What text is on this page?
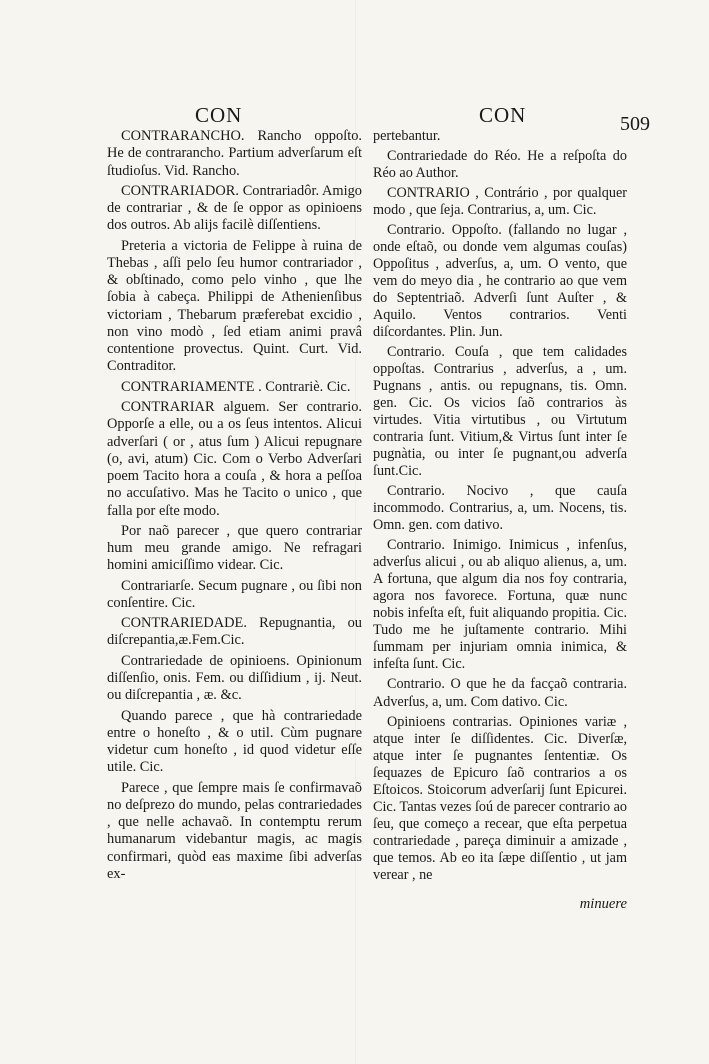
CON	CON	509

CONTRARANCHO. Rancho oppoſto. He de contrarancho. Partium adverſarum eſt ſtudioſus. Vid. Rancho.

CONTRARIADOR. Contrariadôr. Amigo de contrariar , & de ſe oppor as opinioens dos outros. Ab alijs facilè diſſentiens.

Preteria a victoria de Felippe à ruina de Thebas , aſſi pelo ſeu humor contrariador , & obſtinado, como pelo vinho , que lhe ſobia à cabeça. Philippi de Athenienſibus victoriam , Thebarum præferebat excidio , non vino modò , ſed etiam animi pravâ contentione provectus. Quint. Curt. Vid. Contraditor.

CONTRARIAMENTE . Contrariè. Cic.

CONTRARIAR alguem. Ser contrario. Opporſe a elle, ou a os ſeus intentos. Alicui adverſari ( or , atus ſum ) Alicui repugnare (o, avi, atum) Cic. Com o Verbo Adverſari poem Tacito hora a couſa , & hora a peſſoa no accuſativo. Mas he Tacito o unico , que falla por eſte modo.

Por naõ parecer , que quero contrariar hum meu grande amigo. Ne refragari homini amiciſſimo videar. Cic.

Contrariarſe. Secum pugnare , ou ſibi non conſentire. Cic.

CONTRARIEDADE. Repugnantia, ou diſcrepantia,æ.Fem.Cic.

Contrariedade de opinioens. Opinionum diſſenſio, onis. Fem. ou diſſidium , ij. Neut. ou diſcrepantia , æ. &c.

Quando parece , que hà contrariedade entre o honeſto , & o util. Cùm pugnare videtur cum honeſto , id quod videtur eſſe utile. Cic.

Parece , que ſempre mais ſe confirmavaõ no deſprezo do mundo, pelas contrariedades , que nelle achavaõ. In contemptu rerum humanarum videbantur magis, ac magis confirmari, quòd eas maxime ſibi adverſas ex-

pertebantur.

Contrariedade do Réo. He a reſpoſta do Réo ao Author.

CONTRARIO , Contrário , por qualquer modo , que ſeja. Contrarius, a, um. Cic.

Contrario. Oppoſto. (fallando no lugar , onde eſtaõ, ou donde vem algumas couſas) Oppoſitus , adverſus, a, um. O vento, que vem do meyo dia , he contrario ao que vem do Septentriaõ. Adverſi ſunt Auſter , & Aquilo. Ventos contrarios. Venti diſcordantes. Plin. Jun.

Contrario. Couſa , que tem calidades oppoſtas. Contrarius , adverſus, a , um. Pugnans , antis. ou repugnans, tis. Omn. gen. Cic. Os vicios ſaõ contrarios às virtudes. Vitia virtutibus , ou Virtutum contraria ſunt. Vitium,& Virtus ſunt inter ſe pugnàtia, ou inter ſe pugnant,ou adverſa ſunt.Cic.

Contrario. Nocivo , que cauſa incommodo. Contrarius, a, um. Nocens, tis. Omn. gen. com dativo.

Contrario. Inimigo. Inimicus , infenſus, adverſus alicui , ou ab aliquo alienus, a, um. A fortuna, que algum dia nos foy contraria, agora nos favorece. Fortuna, quæ nunc nobis infeſta eſt, fuit aliquando propitia. Cic. Tudo me he juſtamente contrario. Mihi ſummam per injuriam omnia inimica, & infeſta ſunt. Cic.

Contrario. O que he da facçaõ contraria. Adverſus, a, um. Com dativo. Cic.

Opinioens contrarias. Opiniones variæ , atque inter ſe diſſidentes. Cic. Diverſæ, atque inter ſe pugnantes ſententiæ. Os ſequazes de Epicuro ſaõ contrarios a os Eſtoicos. Stoicorum adverſarij ſunt Epicurei. Cic. Tantas vezes ſoú de parecer contrario ao ſeu, que começo a recear, que eſta perpetua contrariedade , pareça diminuir a amizade , que temos. Ab eo ita ſæpe diſſentio , ut jam verear , ne

minuere
